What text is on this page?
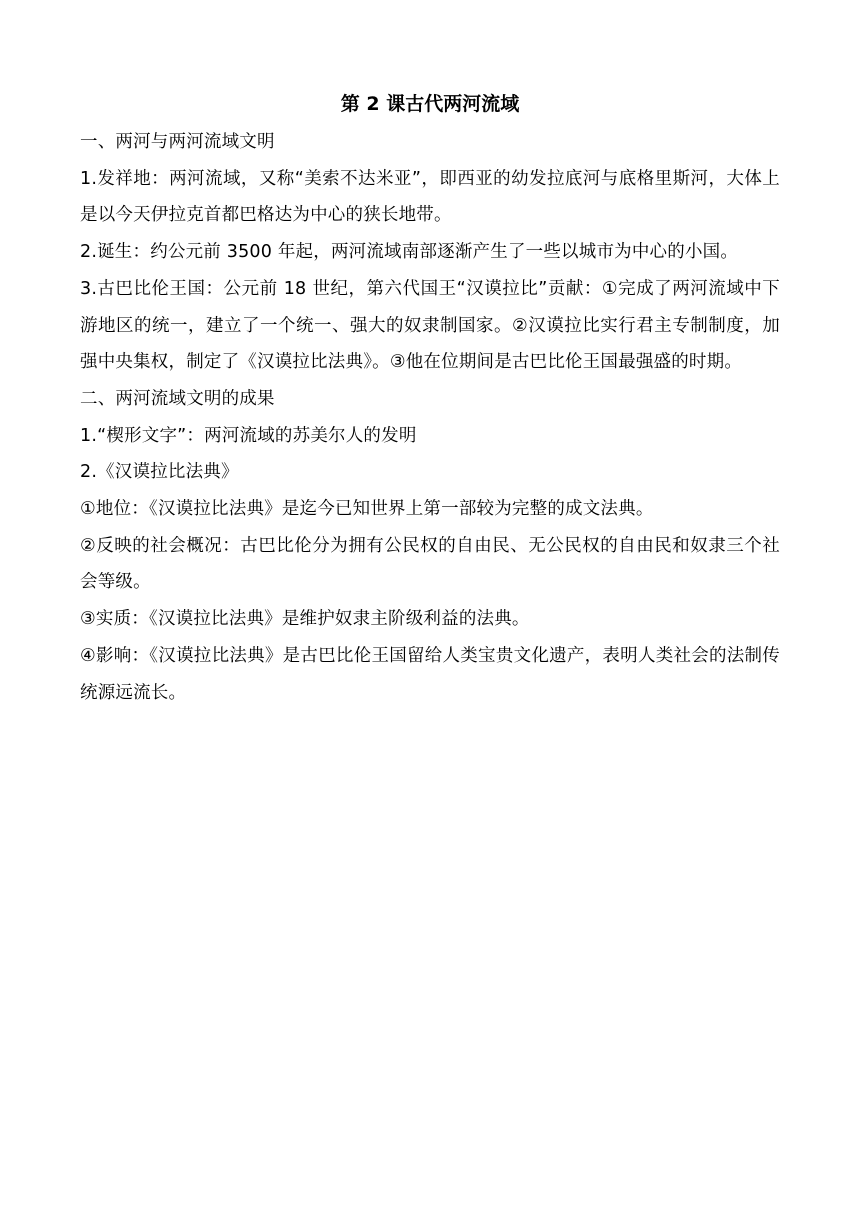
第 2 课古代两河流域

一、两河与两河流域文明

1.发祥地：两河流域，又称“美索不达米亚”，即西亚的幼发拉底河与底格里斯河，大体上是以今天伊拉克首都巴格达为中心的狭长地带。

2.诞生：约公元前 3500 年起，两河流域南部逐渐产生了一些以城市为中心的小国。

3.古巴比伦王国：公元前 18 世纪，第六代国王“汉谟拉比”贡献：①完成了两河流域中下游地区的统一，建立了一个统一、强大的奴隶制国家。②汉谟拉比实行君主专制制度，加强中央集权，制定了《汉谟拉比法典》。③他在位期间是古巴比伦王国最强盛的时期。

二、两河流域文明的成果

1.“楔形文字”：两河流域的苏美尔人的发明

2.《汉谟拉比法典》

①地位：《汉谟拉比法典》是迄今已知世界上第一部较为完整的成文法典。

②反映的社会概况：古巴比伦分为拥有公民权的自由民、无公民权的自由民和奴隶三个社会等级。

③实质：《汉谟拉比法典》是维护奴隶主阶级利益的法典。

④影响：《汉谟拉比法典》是古巴比伦王国留给人类宝贵文化遗产，表明人类社会的法制传统源远流长。
